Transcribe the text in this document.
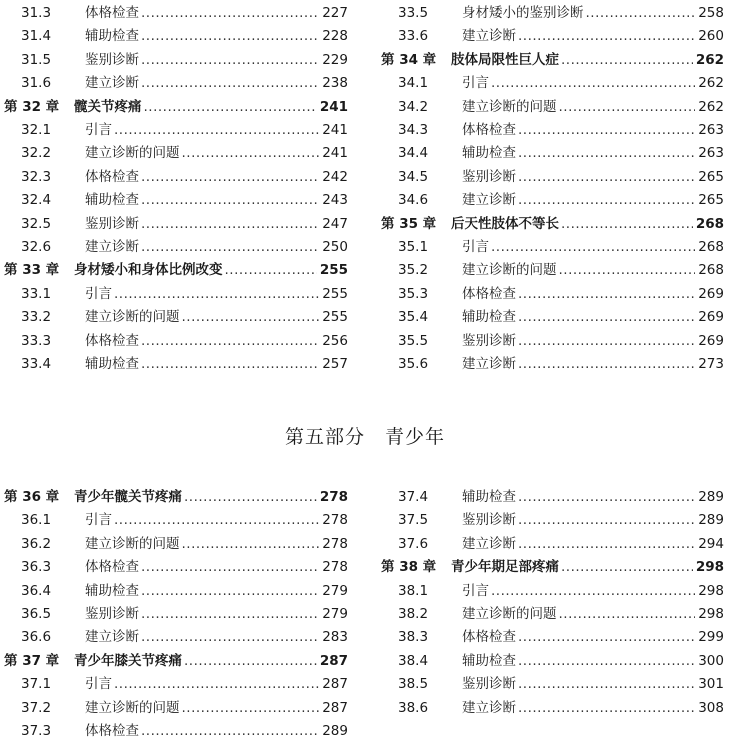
31.3	体格检查 .....	227
31.4	辅助检查 .....	228
31.5	鉴别诊断 .....	229
31.6	建立诊断 .....	238
第 32 章	髋关节疼痛 .....	241
32.1	引言 .....	241
32.2	建立诊断的问题 .....	241
32.3	体格检查 .....	242
32.4	辅助检查 .....	243
32.5	鉴别诊断 .....	247
32.6	建立诊断 .....	250
第 33 章	身材矮小和身体比例改变 .....	255
33.1	引言 .....	255
33.2	建立诊断的问题 .....	255
33.3	体格检查 .....	256
33.4	辅助检查 .....	257
33.5	身材矮小的鉴别诊断 .....	258
33.6	建立诊断 .....	260
第 34 章	肢体局限性巨人症 .....	262
34.1	引言 .....	262
34.2	建立诊断的问题 .....	262
34.3	体格检查 .....	263
34.4	辅助检查 .....	263
34.5	鉴别诊断 .....	265
34.6	建立诊断 .....	265
第 35 章	后天性肢体不等长 .....	268
35.1	引言 .....	268
35.2	建立诊断的问题 .....	268
35.3	体格检查 .....	269
35.4	辅助检查 .....	269
35.5	鉴别诊断 .....	269
35.6	建立诊断 .....	273
第五部分　青少年
第 36 章	青少年髋关节疼痛 .....	278
36.1	引言 .....	278
36.2	建立诊断的问题 .....	278
36.3	体格检查 .....	278
36.4	辅助检查 .....	279
36.5	鉴别诊断 .....	279
36.6	建立诊断 .....	283
第 37 章	青少年膝关节疼痛 .....	287
37.1	引言 .....	287
37.2	建立诊断的问题 .....	287
37.3	体格检查 .....	289
37.4	辅助检查 .....	289
37.5	鉴别诊断 .....	289
37.6	建立诊断 .....	294
第 38 章	青少年期足部疼痛 .....	298
38.1	引言 .....	298
38.2	建立诊断的问题 .....	298
38.3	体格检查 .....	299
38.4	辅助检查 .....	300
38.5	鉴别诊断 .....	301
38.6	建立诊断 .....	308
